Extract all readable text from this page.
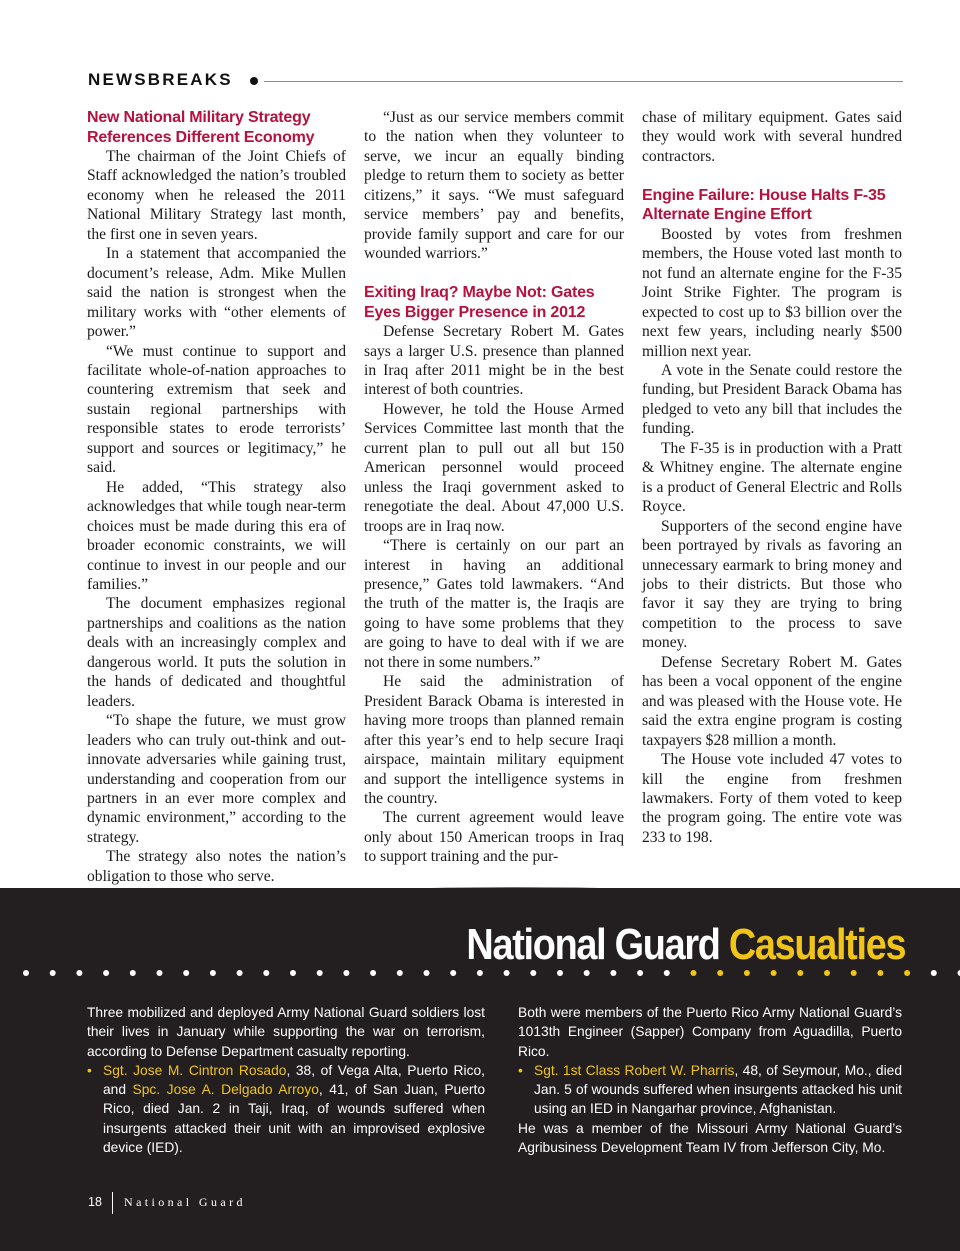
NEWSBREAKS
New National Military Strategy References Different Economy

The chairman of the Joint Chiefs of Staff acknowledged the nation’s troubled economy when he released the 2011 National Military Strategy last month, the first one in seven years.

In a statement that accompanied the document’s release, Adm. Mike Mullen said the nation is strongest when the military works with “other elements of power.”

“We must continue to support and facilitate whole-of-nation approaches to countering extremism that seek and sustain regional partnerships with responsible states to erode terrorists’ support and sources or legitimacy,” he said.

He added, “This strategy also acknowledges that while tough near-term choices must be made during this era of broader economic constraints, we will continue to invest in our people and our families.”

The document emphasizes regional partnerships and coalitions as the nation deals with an increasingly complex and dangerous world. It puts the solution in the hands of dedicated and thoughtful leaders.

“To shape the future, we must grow leaders who can truly out-think and out-innovate adversaries while gaining trust, understanding and cooperation from our partners in an ever more complex and dynamic environment,” according to the strategy.

The strategy also notes the nation’s obligation to those who serve.

“Just as our service members commit to the nation when they volunteer to serve, we incur an equally binding pledge to return them to society as better citizens,” it says. “We must safeguard service members’ pay and benefits, provide family support and care for our wounded warriors.”

Exiting Iraq? Maybe Not: Gates Eyes Bigger Presence in 2012

Defense Secretary Robert M. Gates says a larger U.S. presence than planned in Iraq after 2011 might be in the best interest of both countries.

However, he told the House Armed Services Committee last month that the current plan to pull out all but 150 American personnel would proceed unless the Iraqi government asked to renegotiate the deal. About 47,000 U.S. troops are in Iraq now.

“There is certainly on our part an interest in having an additional presence,” Gates told lawmakers. “And the truth of the matter is, the Iraqis are going to have some problems that they are going to have to deal with if we are not there in some numbers.”

He said the administration of President Barack Obama is interested in having more troops than planned remain after this year’s end to help secure Iraqi airspace, maintain military equipment and support the intelligence systems in the country.

The current agreement would leave only about 150 American troops in Iraq to support training and the pur-

chase of military equipment. Gates said they would work with several hundred contractors.

Engine Failure: House Halts F-35 Alternate Engine Effort

Boosted by votes from freshmen members, the House voted last month to not fund an alternate engine for the F-35 Joint Strike Fighter. The program is expected to cost up to $3 billion over the next few years, including nearly $500 million next year.

A vote in the Senate could restore the funding, but President Barack Obama has pledged to veto any bill that includes the funding.

The F-35 is in production with a Pratt & Whitney engine. The alternate engine is a product of General Electric and Rolls Royce.

Supporters of the second engine have been portrayed by rivals as favoring an unnecessary earmark to bring money and jobs to their districts. But those who favor it say they are trying to bring competition to the process to save money.

Defense Secretary Robert M. Gates has been a vocal opponent of the engine and was pleased with the House vote. He said the extra engine program is costing taxpayers $28 million a month.

The House vote included 47 votes to kill the engine from freshmen lawmakers. Forty of them voted to keep the program going. The entire vote was 233 to 198.

National Guard Casualties

Three mobilized and deployed Army National Guard soldiers lost their lives in January while supporting the war on terrorism, according to Defense Department casualty reporting.

• Sgt. Jose M. Cintron Rosado, 38, of Vega Alta, Puerto Rico, and Spc. Jose A. Delgado Arroyo, 41, of San Juan, Puerto Rico, died Jan. 2 in Taji, Iraq, of wounds suffered when insurgents attacked their unit with an improvised explosive device (IED).

Both were members of the Puerto Rico Army National Guard’s 1013th Engineer (Sapper) Company from Aguadilla, Puerto Rico.

• Sgt. 1st Class Robert W. Pharris, 48, of Seymour, Mo., died Jan. 5 of wounds suffered when insurgents attacked his unit using an IED in Nangarhar province, Afghanistan.

He was a member of the Missouri Army National Guard’s Agribusiness Development Team IV from Jefferson City, Mo.

18 National Guard
